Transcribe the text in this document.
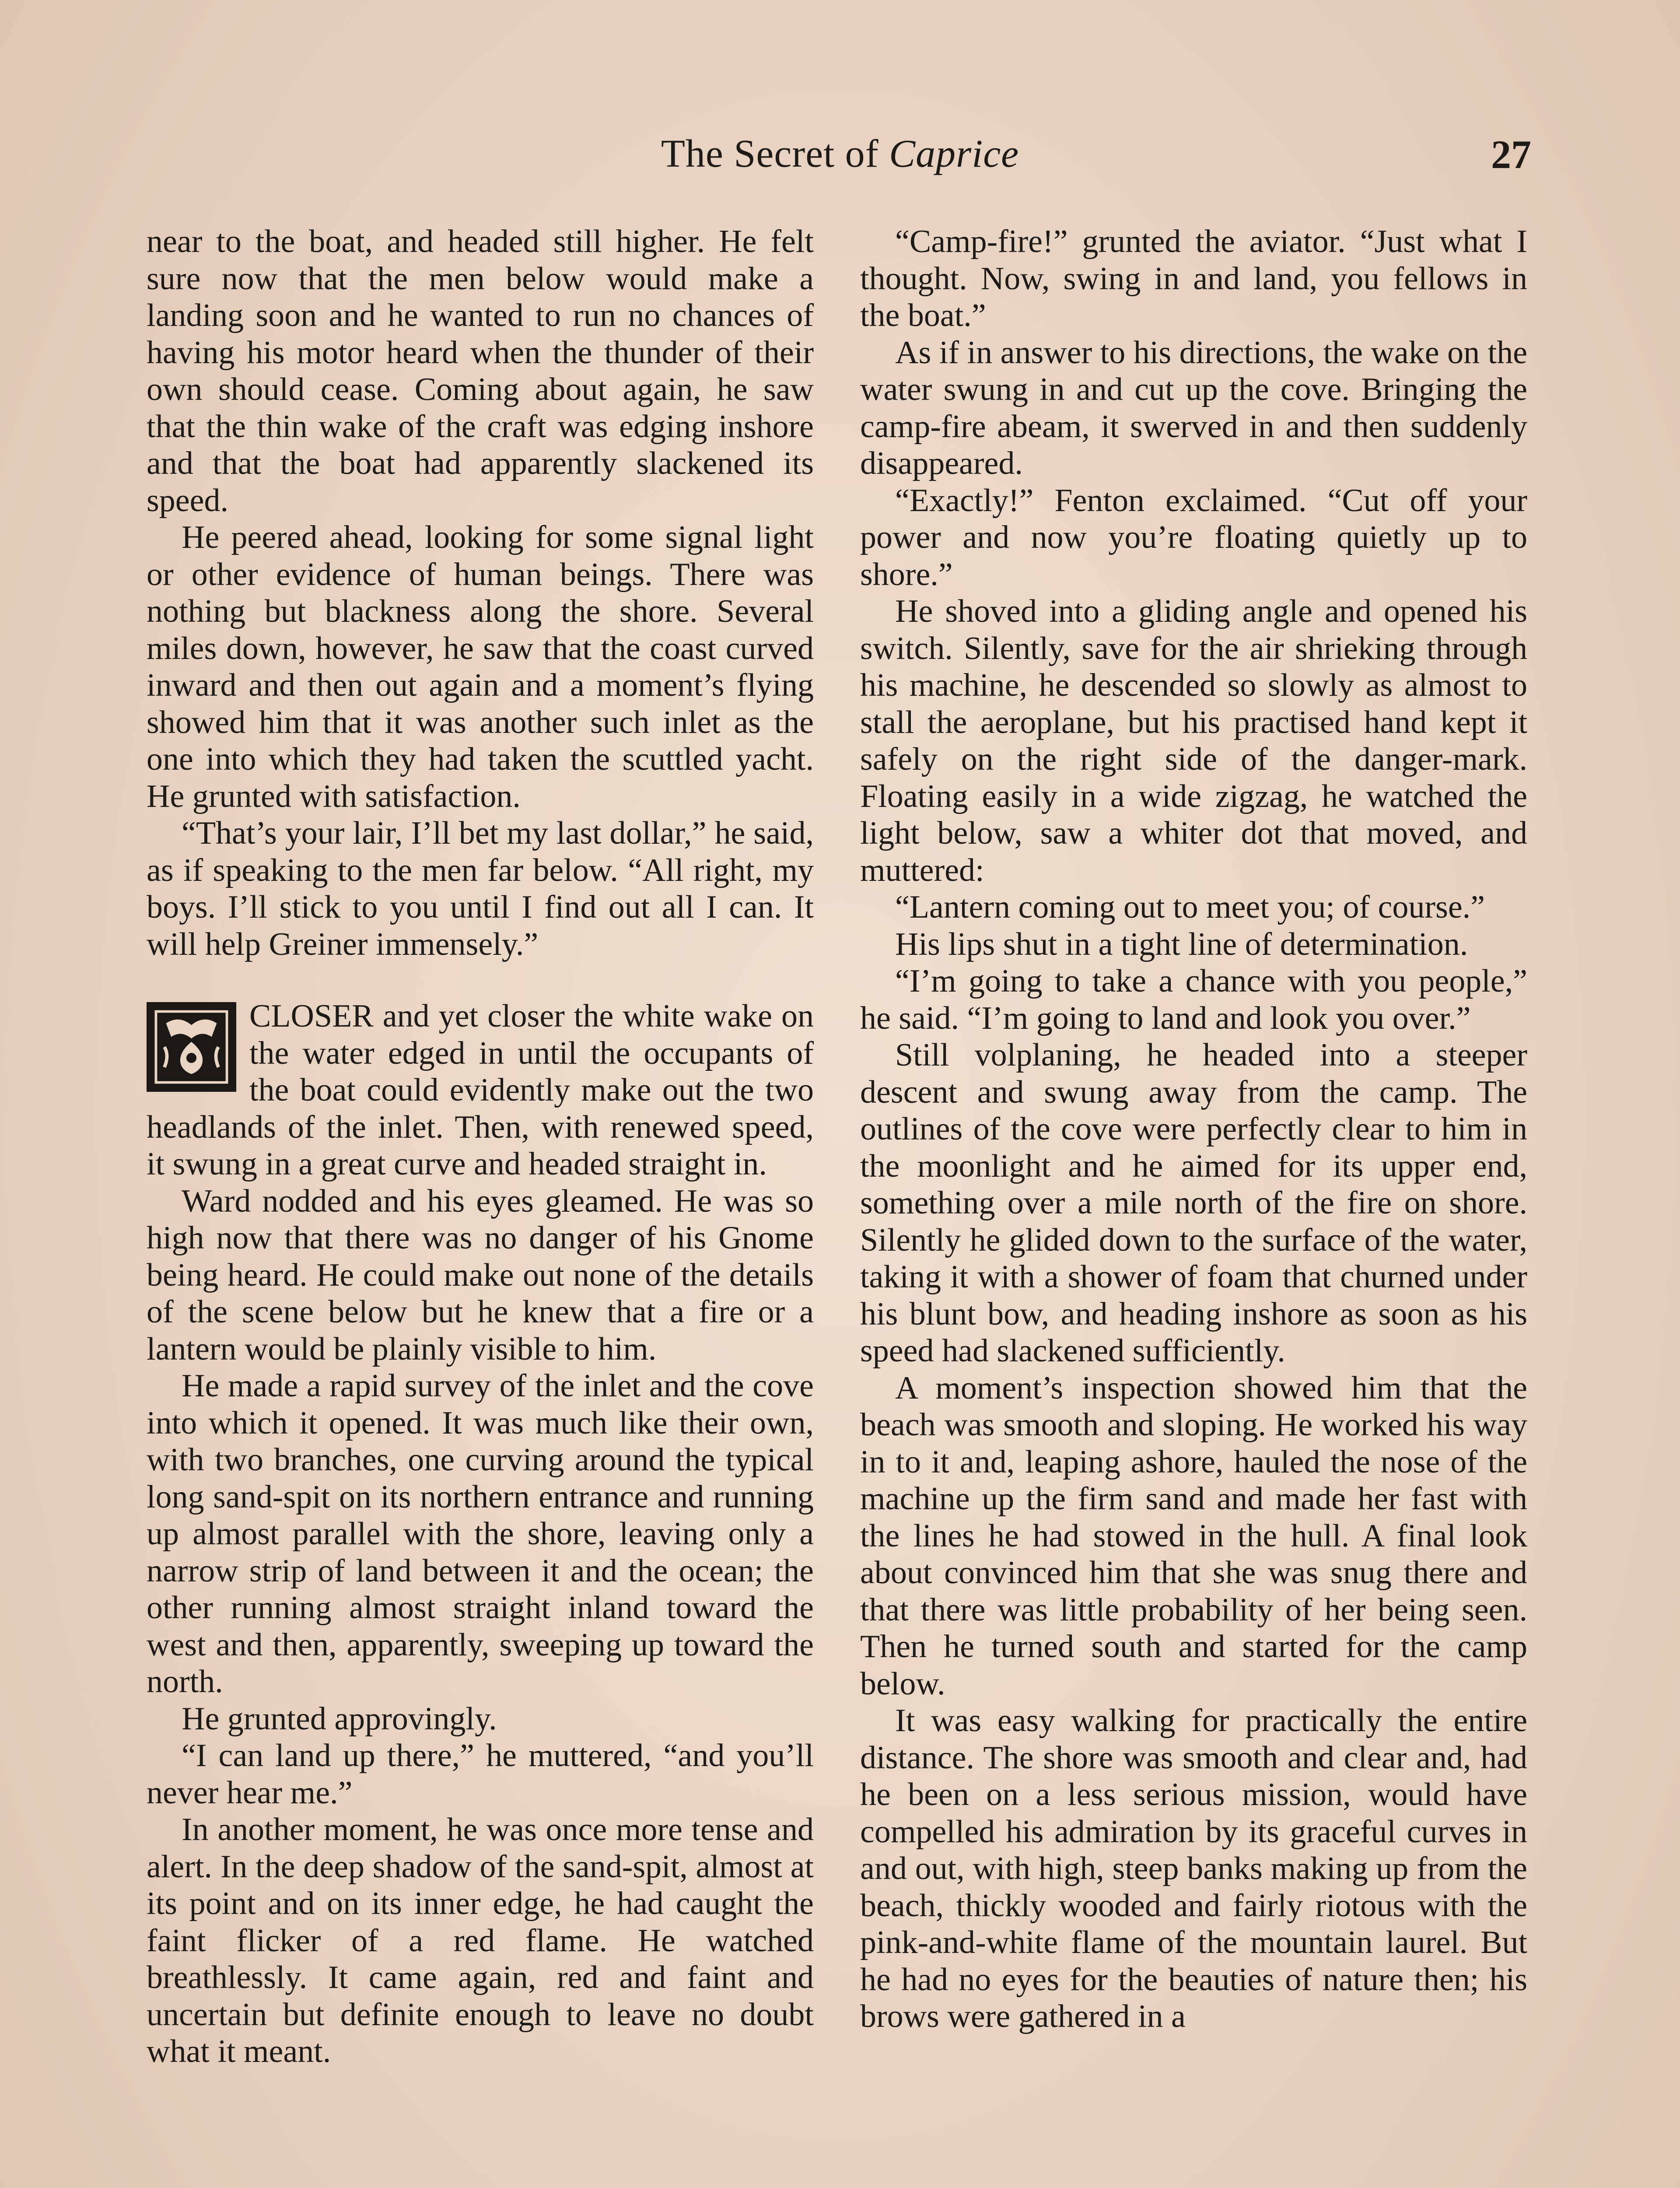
The Secret of Caprice	27

near to the boat, and headed still higher. He felt sure now that the men below would make a landing soon and he wanted to run no chances of having his motor heard when the thunder of their own should cease. Coming about again, he saw that the thin wake of the craft was edging inshore and that the boat had apparently slackened its speed.

He peered ahead, looking for some signal light or other evidence of human beings. There was nothing but blackness along the shore. Several miles down, however, he saw that the coast curved inward and then out again and a moment’s flying showed him that it was another such inlet as the one into which they had taken the scuttled yacht. He grunted with satisfaction.

“That’s your lair, I’ll bet my last dollar,” he said, as if speaking to the men far below. “All right, my boys. I’ll stick to you until I find out all I can. It will help Greiner immensely.”

CLOSER and yet closer the white wake on the water edged in until the occupants of the boat could evidently make out the two headlands of the inlet. Then, with renewed speed, it swung in a great curve and headed straight in.

Ward nodded and his eyes gleamed. He was so high now that there was no danger of his Gnome being heard. He could make out none of the details of the scene below but he knew that a fire or a lantern would be plainly visible to him.

He made a rapid survey of the inlet and the cove into which it opened. It was much like their own, with two branches, one curving around the typical long sand-spit on its northern entrance and running up almost parallel with the shore, leaving only a narrow strip of land between it and the ocean; the other running almost straight inland toward the west and then, apparently, sweeping up toward the north.

He grunted approvingly.

“I can land up there,” he muttered, “and you’ll never hear me.”

In another moment, he was once more tense and alert. In the deep shadow of the sand-spit, almost at its point and on its inner edge, he had caught the faint flicker of a red flame. He watched breathlessly. It came again, red and faint and uncertain but definite enough to leave no doubt what it meant.

“Camp-fire!” grunted the aviator. “Just what I thought. Now, swing in and land, you fellows in the boat.”

As if in answer to his directions, the wake on the water swung in and cut up the cove. Bringing the camp-fire abeam, it swerved in and then suddenly disappeared.

“Exactly!” Fenton exclaimed. “Cut off your power and now you’re floating quietly up to shore.”

He shoved into a gliding angle and opened his switch. Silently, save for the air shrieking through his machine, he descended so slowly as almost to stall the aeroplane, but his practised hand kept it safely on the right side of the danger-mark. Floating easily in a wide zigzag, he watched the light below, saw a whiter dot that moved, and muttered:

“Lantern coming out to meet you; of course.”

His lips shut in a tight line of determination.

“I’m going to take a chance with you people,” he said. “I’m going to land and look you over.”

Still volplaning, he headed into a steeper descent and swung away from the camp. The outlines of the cove were perfectly clear to him in the moonlight and he aimed for its upper end, something over a mile north of the fire on shore. Silently he glided down to the surface of the water, taking it with a shower of foam that churned under his blunt bow, and heading inshore as soon as his speed had slackened sufficiently.

A moment’s inspection showed him that the beach was smooth and sloping. He worked his way in to it and, leaping ashore, hauled the nose of the machine up the firm sand and made her fast with the lines he had stowed in the hull. A final look about convinced him that she was snug there and that there was little probability of her being seen. Then he turned south and started for the camp below.

It was easy walking for practically the entire distance. The shore was smooth and clear and, had he been on a less serious mission, would have compelled his admiration by its graceful curves in and out, with high, steep banks making up from the beach, thickly wooded and fairly riotous with the pink-and-white flame of the mountain laurel. But he had no eyes for the beauties of nature then; his brows were gathered in a
